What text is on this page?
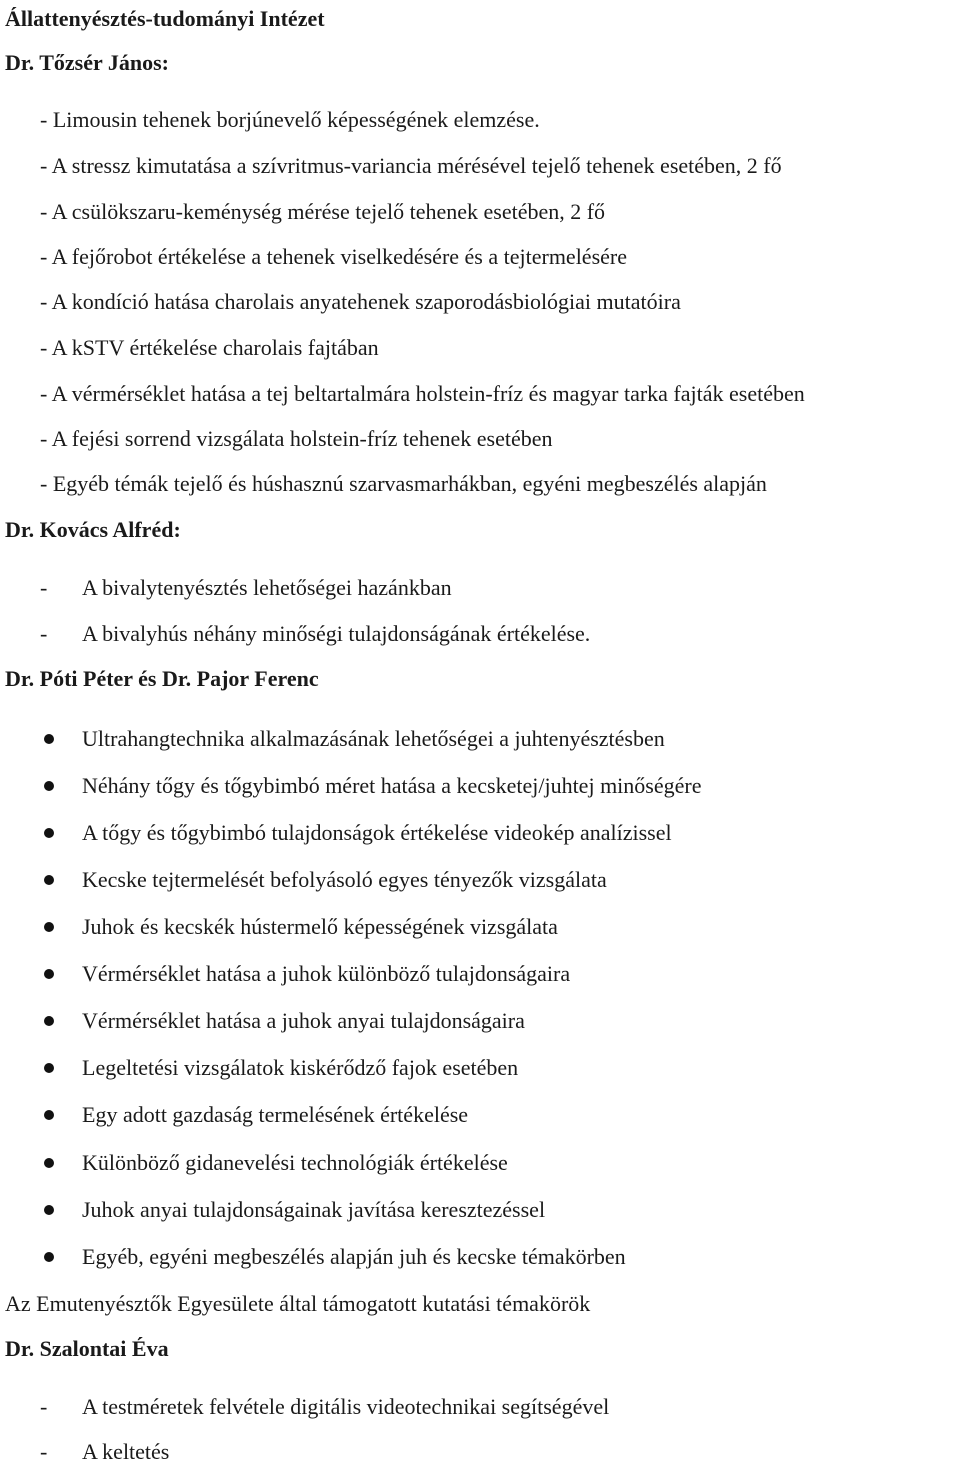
Állattenyésztés-tudományi Intézet
Dr. Tőzsér János:
- Limousin tehenek borjúnevelő képességének elemzése.
- A stressz kimutatása a szívritmus-variancia mérésével tejelő tehenek esetében, 2 fő
- A csülökszaru-keménység mérése tejelő tehenek esetében, 2 fő
- A fejőrobot értékelése a tehenek viselkedésére és a tejtermelésére
- A kondíció hatása charolais anyatehenek szaporodásbiológiai mutatóira
- A kSTV értékelése charolais fajtában
- A vérmérséklet hatása a tej beltartalmára holstein-fríz és magyar tarka fajták esetében
- A fejési sorrend vizsgálata holstein-fríz tehenek esetében
- Egyéb témák tejelő és húshasznú szarvasmarhákban, egyéni megbeszélés alapján
Dr. Kovács Alfréd:
- A bivalytenyésztés lehetőségei hazánkban
- A bivalyhús néhány minőségi tulajdonságának értékelése.
Dr. Póti Péter és Dr. Pajor Ferenc
Ultrahangtechnika alkalmazásának lehetőségei a juhtenyésztésben
Néhány tőgy és tőgybimbó méret hatása a kecsketej/juhtej minőségére
A tőgy és tőgybimbó tulajdonságok értékelése videokép analízissel
Kecske tejtermelését befolyásoló egyes tényezők vizsgálata
Juhok és kecskék hústermelő képességének vizsgálata
Vérmérséklet hatása a juhok különböző tulajdonságaira
Vérmérséklet hatása a juhok anyai tulajdonságaira
Legeltetési vizsgálatok kiskérődző fajok esetében
Egy adott gazdaság termelésének értékelése
Különböző gidanevelési technológiák értékelése
Juhok anyai tulajdonságainak javítása keresztezéssel
Egyéb, egyéni megbeszélés alapján juh és kecske témakörben
Az Emutenyésztők Egyesülete által támogatott kutatási témakörök
Dr. Szalontai Éva
- A testméretek felvétele digitális videotechnikai segítségével
- A keltetés
